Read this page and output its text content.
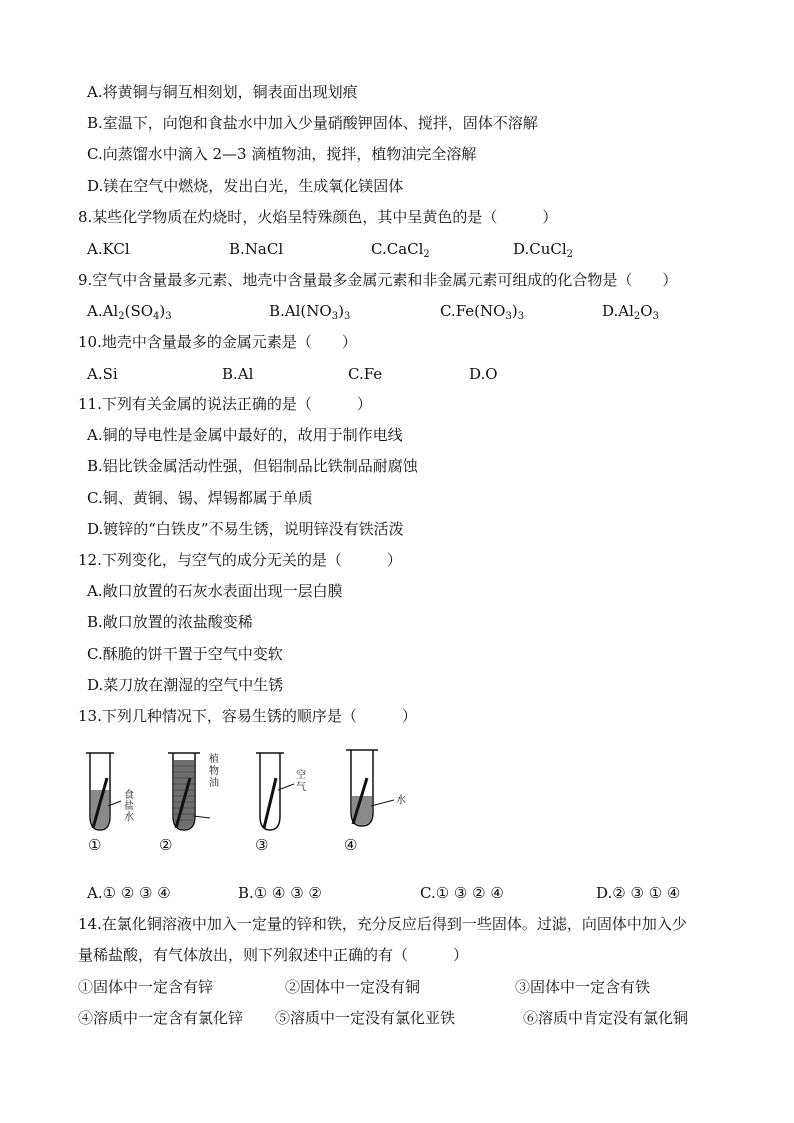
A.将黄铜与铜互相刻划，铜表面出现划痕
B.室温下，向饱和食盐水中加入少量硝酸钾固体、搅拌，固体不溶解
C.向蒸馏水中滴入 2—3 滴植物油，搅拌，植物油完全溶解
D.镁在空气中燃烧，发出白光，生成氧化镁固体
8.某些化学物质在灼烧时，火焰呈特殊颜色，其中呈黄色的是（　　　）
A.KCl	B.NaCl	C.CaCl$_2$	D.CuCl$_2$
9.空气中含量最多元素、地壳中含量最多金属元素和非金属元素可组成的化合物是（　　）
$A.Al_2(SO_4)_3$	$B.Al(NO_3)_3$	$C.Fe(NO_3)_3$	$D.Al_2O_3$
10.地壳中含量最多的金属元素是（　　）
A.Si	B.Al	C.Fe	D.O
11.下列有关金属的说法正确的是（　　　）
A.铜的导电性是金属中最好的，故用于制作电线
B.铝比铁金属活动性强，但铝制品比铁制品耐腐蚀
C.铜、黄铜、锡、焊锡都属于单质
D.镀锌的“白铁皮”不易生锈，说明锌没有铁活泼
12.下列变化，与空气的成分无关的是（　　　）
A.敞口放置的石灰水表面出现一层白膜
B.敞口放置的浓盐酸变稀
C.酥脆的饼干置于空气中变软
D.菜刀放在潮湿的空气中生锈
13.下列几种情况下，容易生锈的顺序是（　　　）
食
盐
水
①
植
物
油
②
空
气
③
水
④
A.① ② ③ ④	B.① ④ ③ ②	C.① ③ ② ④	D.② ③ ① ④
14.在氯化铜溶液中加入一定量的锌和铁，充分反应后得到一些固体。过滤，向固体中加入少
量稀盐酸，有气体放出，则下列叙述中正确的有（　　　）
①固体中一定含有锌	②固体中一定没有铜	③固体中一定含有铁
④溶质中一定含有氯化锌 ⑤溶质中一定没有氯化亚铁	⑥溶质中肯定没有氯化铜
